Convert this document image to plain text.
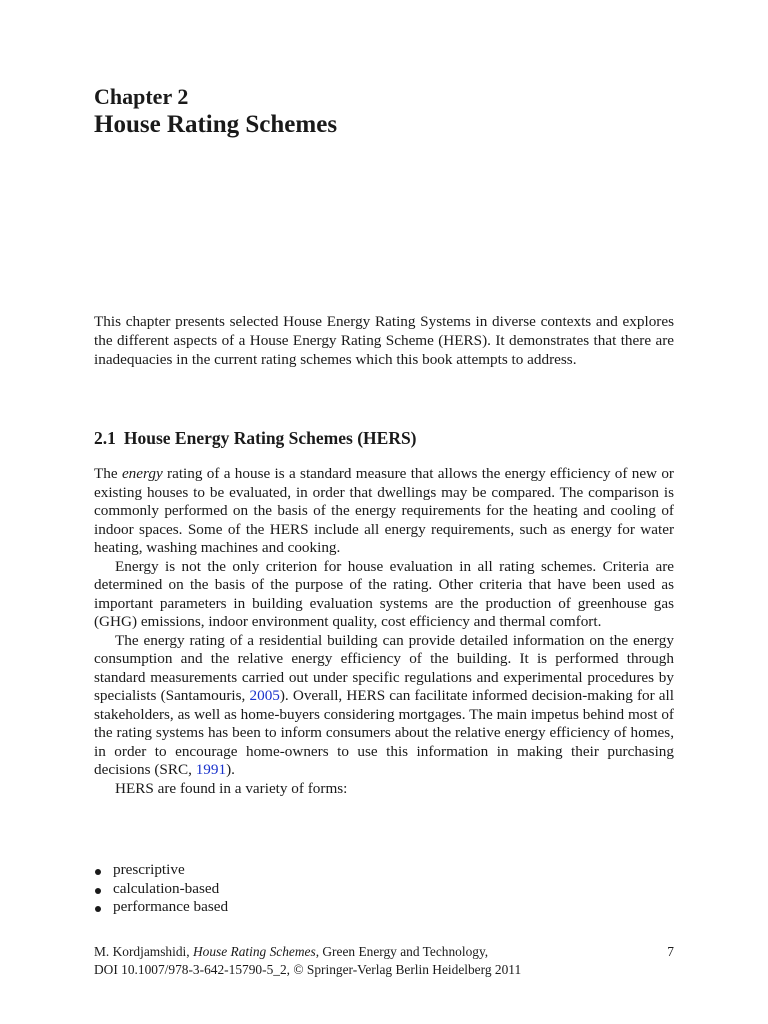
Chapter 2
House Rating Schemes

This chapter presents selected House Energy Rating Systems in diverse contexts and explores the different aspects of a House Energy Rating Scheme (HERS). It demonstrates that there are inadequacies in the current rating schemes which this book attempts to address.

2.1 House Energy Rating Schemes (HERS)

The energy rating of a house is a standard measure that allows the energy efficiency of new or existing houses to be evaluated, in order that dwellings may be compared. The comparison is commonly performed on the basis of the energy requirements for the heating and cooling of indoor spaces. Some of the HERS include all energy requirements, such as energy for water heating, washing machines and cooking.

Energy is not the only criterion for house evaluation in all rating schemes. Criteria are determined on the basis of the purpose of the rating. Other criteria that have been used as important parameters in building evaluation systems are the production of greenhouse gas (GHG) emissions, indoor environment quality, cost efficiency and thermal comfort.

The energy rating of a residential building can provide detailed information on the energy consumption and the relative energy efficiency of the building. It is performed through standard measurements carried out under specific regulations and experimental procedures by specialists (Santamouris, 2005). Overall, HERS can facilitate informed decision-making for all stakeholders, as well as home-buyers considering mortgages. The main impetus behind most of the rating systems has been to inform consumers about the relative energy efficiency of homes, in order to encourage home-owners to use this information in making their purchasing decisions (SRC, 1991).

HERS are found in a variety of forms:

prescriptive
calculation-based
performance based
M. Kordjamshidi, House Rating Schemes, Green Energy and Technology,
DOI 10.1007/978-3-642-15790-5_2, © Springer-Verlag Berlin Heidelberg 2011
7
